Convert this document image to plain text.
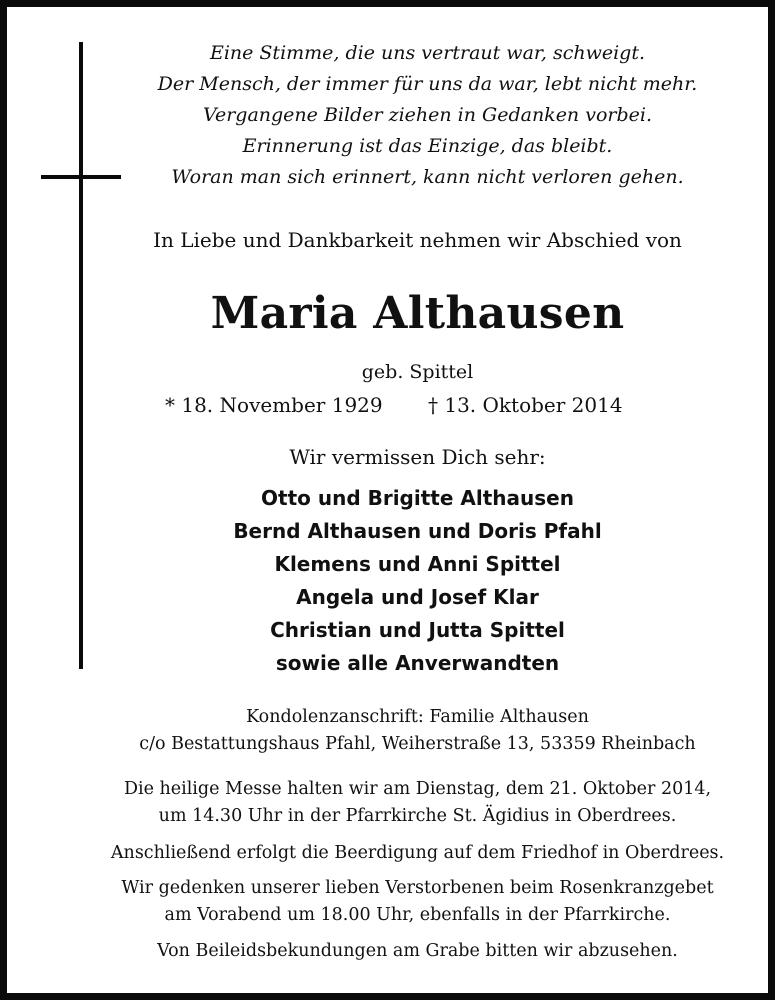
Eine Stimme, die uns vertraut war, schweigt.
Der Mensch, der immer für uns da war, lebt nicht mehr.
Vergangene Bilder ziehen in Gedanken vorbei.
Erinnerung ist das Einzige, das bleibt.
Woran man sich erinnert, kann nicht verloren gehen.
In Liebe und Dankbarkeit nehmen wir Abschied von
Maria Althausen
geb. Spittel
* 18. November 1929 † 13. Oktober 2014
Wir vermissen Dich sehr:
Otto und Brigitte Althausen
Bernd Althausen und Doris Pfahl
Klemens und Anni Spittel
Angela und Josef Klar
Christian und Jutta Spittel
sowie alle Anverwandten
Kondolenzanschrift: Familie Althausen
c/o Bestattungshaus Pfahl, Weiherstraße 13, 53359 Rheinbach
Die heilige Messe halten wir am Dienstag, dem 21. Oktober 2014,
um 14.30 Uhr in der Pfarrkirche St. Ägidius in Oberdrees.
Anschließend erfolgt die Beerdigung auf dem Friedhof in Oberdrees.
Wir gedenken unserer lieben Verstorbenen beim Rosenkranzgebet
am Vorabend um 18.00 Uhr, ebenfalls in der Pfarrkirche.
Von Beileidsbekundungen am Grabe bitten wir abzusehen.
